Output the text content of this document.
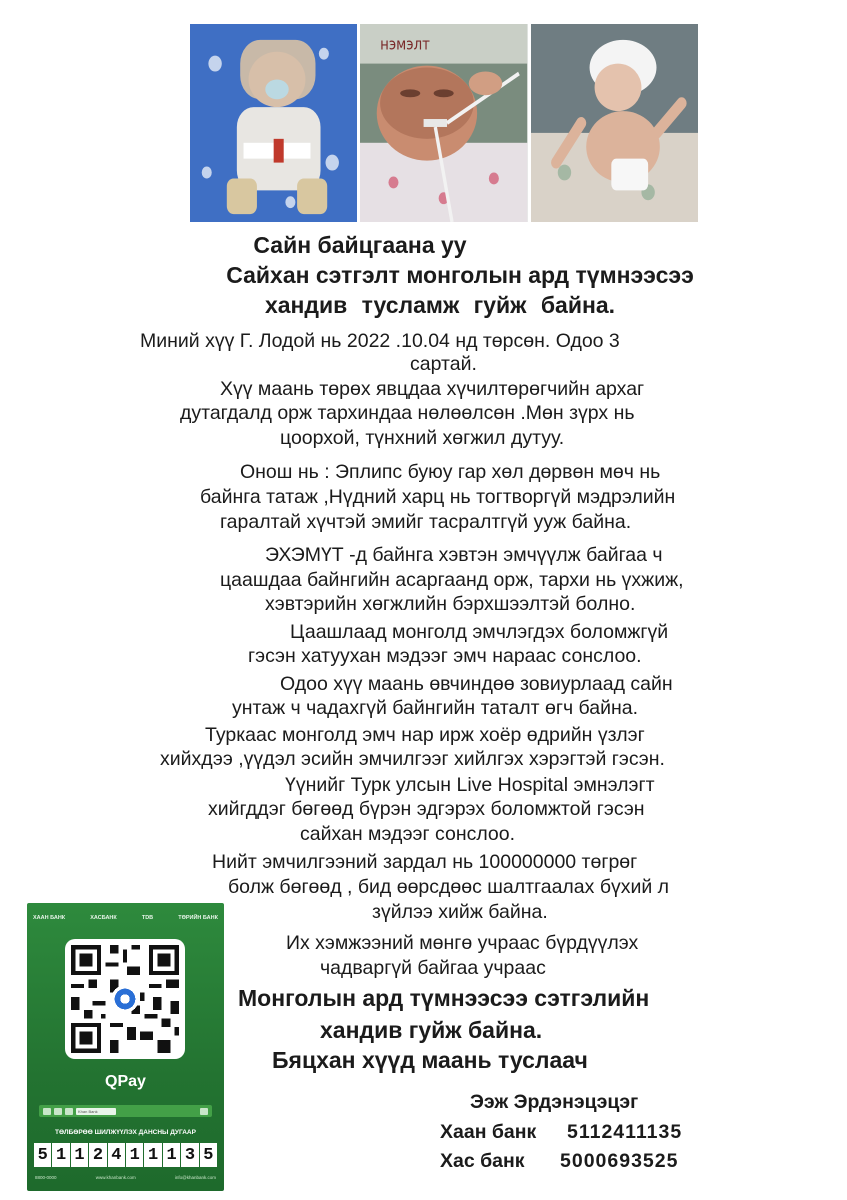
нэмэлт
Сайн байцгаана уу
Сайхан сэтгэлт монголын ард түмнээсээ
хандив тусламж гуйж байна.
Миний хүү Г. Лодой нь 2022 .10.04 нд төрсөн. Одоо 3
сартай.
Хүү маань төрөх явцдаа хүчилтөрөгчийн архаг
дутагдалд орж тархиндаа нөлөөлсөн .Мөн зүрх нь
цоорхой, түнхний хөгжил дутуу.
Онош нь : Эплипс буюу гар хөл дөрвөн мөч нь
байнга татаж ,Нүдний харц нь тогтворгүй мэдрэлийн
гаралтай хүчтэй эмийг тасралтгүй ууж байна.
ЭХЭМҮТ -д байнга хэвтэн эмчүүлж байгаа ч
цаашдаа байнгийн асаргаанд орж, тархи нь үхжиж,
хэвтэрийн хөгжлийн бэрхшээлтэй болно.
Цаашлаад монголд эмчлэгдэх боломжгүй
гэсэн хатуухан мэдээг эмч нараас сонслоо.
Одоо хүү маань өвчиндөө зовиурлаад сайн
унтаж ч чадахгүй байнгийн таталт өгч байна.
Туркаас монголд эмч нар ирж хоёр өдрийн үзлэг
хийхдээ ,үүдэл эсийн эмчилгээг хийлгэх хэрэгтэй гэсэн.
Үүнийг Турк улсын Live Hospital эмнэлэгт
хийгддэг бөгөөд бүрэн эдгэрэх боломжтой гэсэн
сайхан мэдээг сонслоо.
Нийт эмчилгээний зардал нь 100000000 төгрөг
болж бөгөөд , бид өөрсдөөс шалтгаалах бүхий л
зүйлээ хийж байна.
Их хэмжээний мөнгө учраас бүрдүүлэх
чадваргүй байгаа учраас
Монголын ард түмнээсээ сэтгэлийн
хандив гуйж байна.
Бяцхан хүүд маань туслаач
ХААН БАНК	ХАСБАНК	TDB	ТӨРИЙН БАНК
QPay
Khan Bank
ТӨЛБӨРӨӨ ШИЛЖҮҮЛЭХ ДАНСНЫ ДУГААР
5 1 1 2 4 1 1 1 3 5
8800-0000	www.khanbank.com	info@khanbank.com
Ээж Эрдэнэцэцэг
Хаан банк 5112411135
Хас банк 5000693525
